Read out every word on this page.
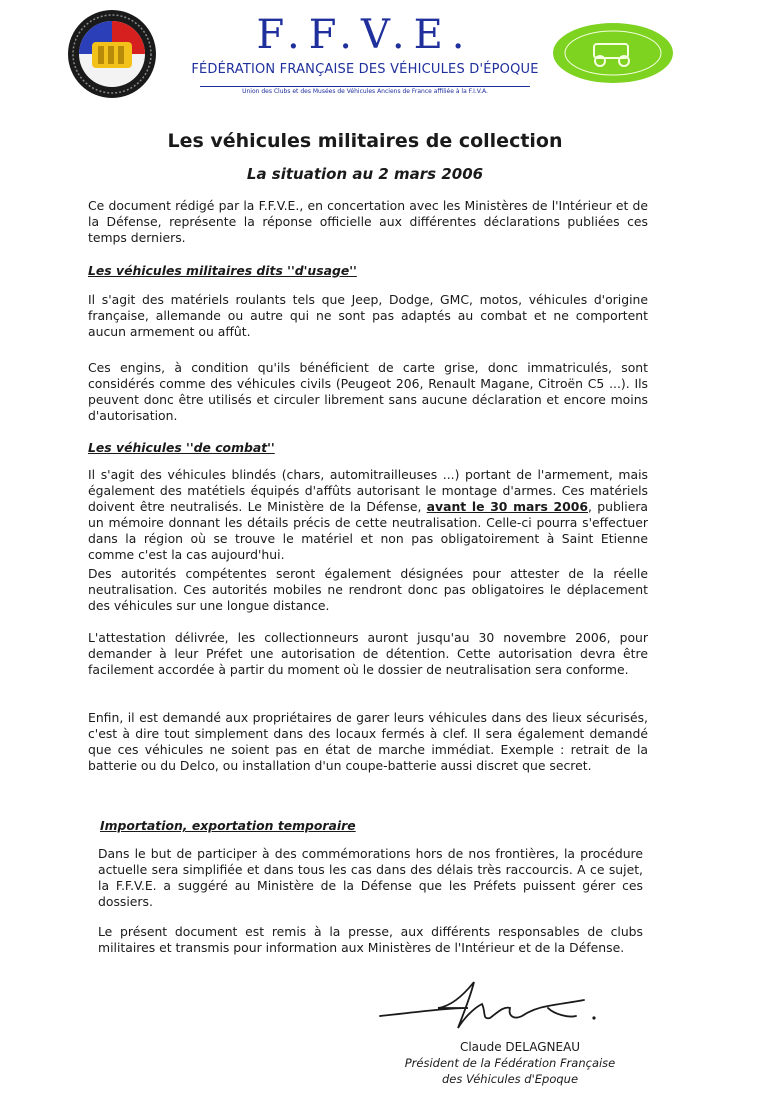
F.F.V.E.
FÉDÉRATION FRANÇAISE DES VÉHICULES D'ÉPOQUE
Union des Clubs et des Musées de Véhicules Anciens de France affiliée à la F.I.V.A.
Les véhicules militaires de collection
La situation au 2 mars 2006
Ce document rédigé par la F.F.V.E., en concertation avec les Ministères de l'Intérieur et de la Défense, représente la réponse officielle aux différentes déclarations publiées ces temps derniers.
Les véhicules militaires dits ''d'usage''
Il s'agit des matériels roulants tels que Jeep, Dodge, GMC, motos, véhicules d'origine française, allemande ou autre qui ne sont pas adaptés au combat et ne comportent aucun armement ou affût.
Ces engins, à condition qu'ils bénéficient de carte grise, donc immatriculés, sont considérés comme des véhicules civils (Peugeot 206, Renault Magane, Citroën C5 ...). Ils peuvent donc être utilisés et circuler librement sans aucune déclaration et encore moins d'autorisation.
Les véhicules ''de combat''
Il s'agit des véhicules blindés (chars, automitrailleuses ...) portant de l'armement, mais également des matétiels équipés d'affûts autorisant le montage d'armes. Ces matériels doivent être neutralisés. Le Ministère de la Défense, avant le 30 mars 2006, publiera un mémoire donnant les détails précis de cette neutralisation. Celle-ci pourra s'effectuer dans la région où se trouve le matériel et non pas obligatoirement à Saint Etienne comme c'est la cas aujourd'hui.
Des autorités compétentes seront également désignées pour attester de la réelle neutralisation. Ces autorités mobiles ne rendront donc pas obligatoires le déplacement des véhicules sur une longue distance.
L'attestation délivrée, les collectionneurs auront jusqu'au 30 novembre 2006, pour demander à leur Préfet une autorisation de détention. Cette autorisation devra être facilement accordée à partir du moment où le dossier de neutralisation sera conforme.
Enfin, il est demandé aux propriétaires de garer leurs véhicules dans des lieux sécurisés, c'est à dire tout simplement dans des locaux fermés à clef. Il sera également demandé que ces véhicules ne soient pas en état de marche immédiat. Exemple : retrait de la batterie ou du Delco, ou installation d'un coupe-batterie aussi discret que secret.
Importation, exportation temporaire
Dans le but de participer à des commémorations hors de nos frontières, la procédure actuelle sera simplifiée et dans tous les cas dans des délais très raccourcis. A ce sujet, la F.F.V.E. a suggéré au Ministère de la Défense que les Préfets puissent gérer ces dossiers.
Le présent document est remis à la presse, aux différents responsables de clubs militaires et transmis pour information aux Ministères de l'Intérieur et de la Défense.
Claude DELAGNEAU
Président de la Fédération Française
des Véhicules d'Epoque
